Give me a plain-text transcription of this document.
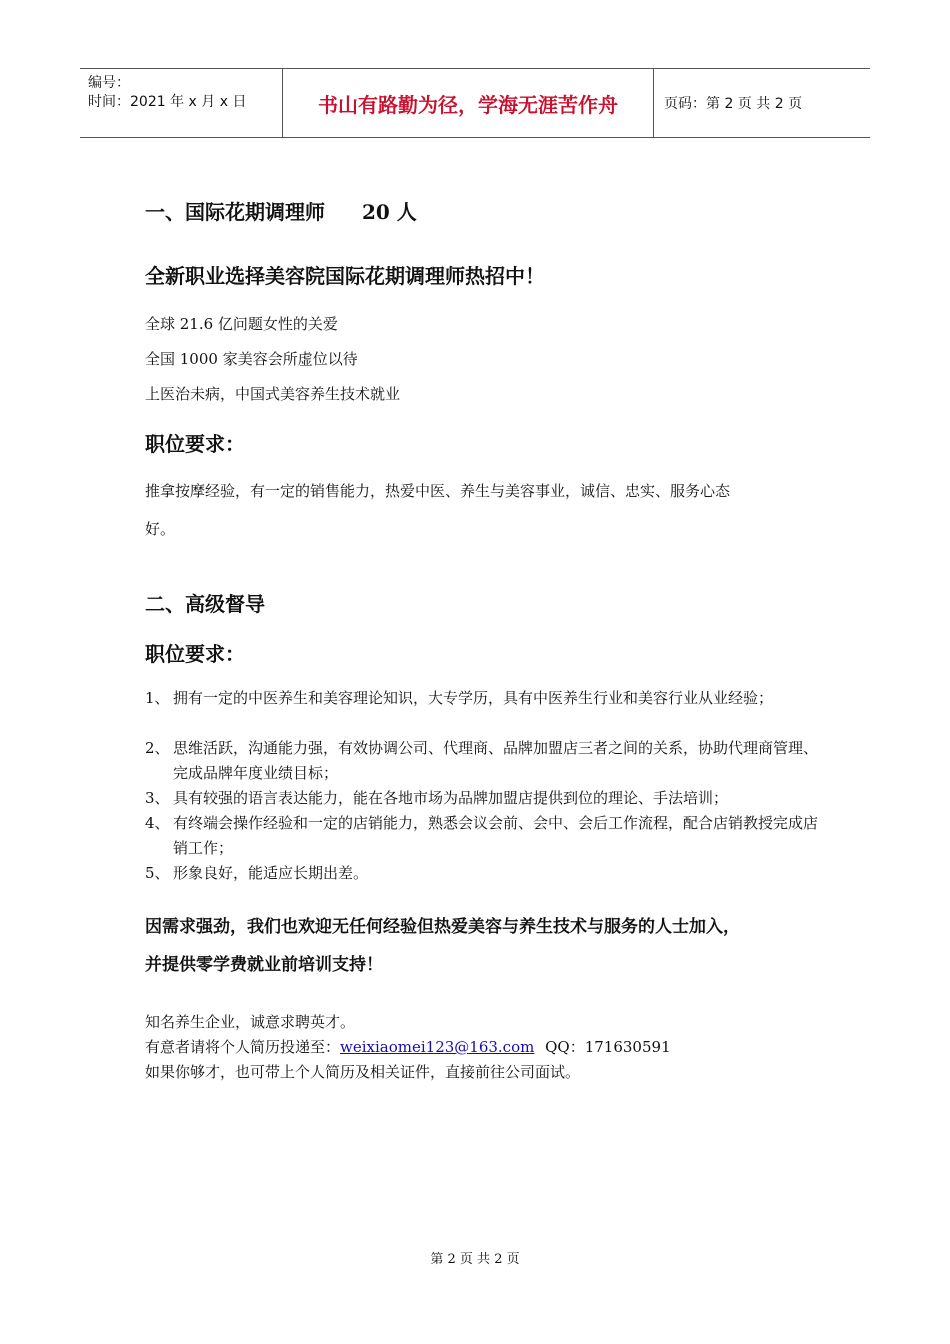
编号：
时间：2021 年 x 月 x 日	书山有路勤为径，学海无涯苦作舟	页码：第 2 页 共 2 页
一、国际花期调理师 20 人
全新职业选择美容院国际花期调理师热招中！
全球 21.6 亿问题女性的关爱
全国 1000 家美容会所虚位以待
上医治未病，中国式美容养生技术就业
职位要求：
推拿按摩经验，有一定的销售能力，热爱中医、养生与美容事业，诚信、忠实、服务心态
好。
二、高级督导
职位要求：
1、 拥有一定的中医养生和美容理论知识，大专学历，具有中医养生行业和美容行业从业经验；
2、 思维活跃，沟通能力强，有效协调公司、代理商、品牌加盟店三者之间的关系，协助代理商管理、完成品牌年度业绩目标；
3、 具有较强的语言表达能力，能在各地市场为品牌加盟店提供到位的理论、手法培训；
4、 有终端会操作经验和一定的店销能力，熟悉会议会前、会中、会后工作流程，配合店销教授完成店销工作；
5、 形象良好，能适应长期出差。
因需求强劲，我们也欢迎无任何经验但热爱美容与养生技术与服务的人士加入，
并提供零学费就业前培训支持！
知名养生企业，诚意求聘英才。
有意者请将个人简历投递至：weixiaomei123@163.com QQ：171630591
如果你够才，也可带上个人简历及相关证件，直接前往公司面试。
第 2 页 共 2 页
